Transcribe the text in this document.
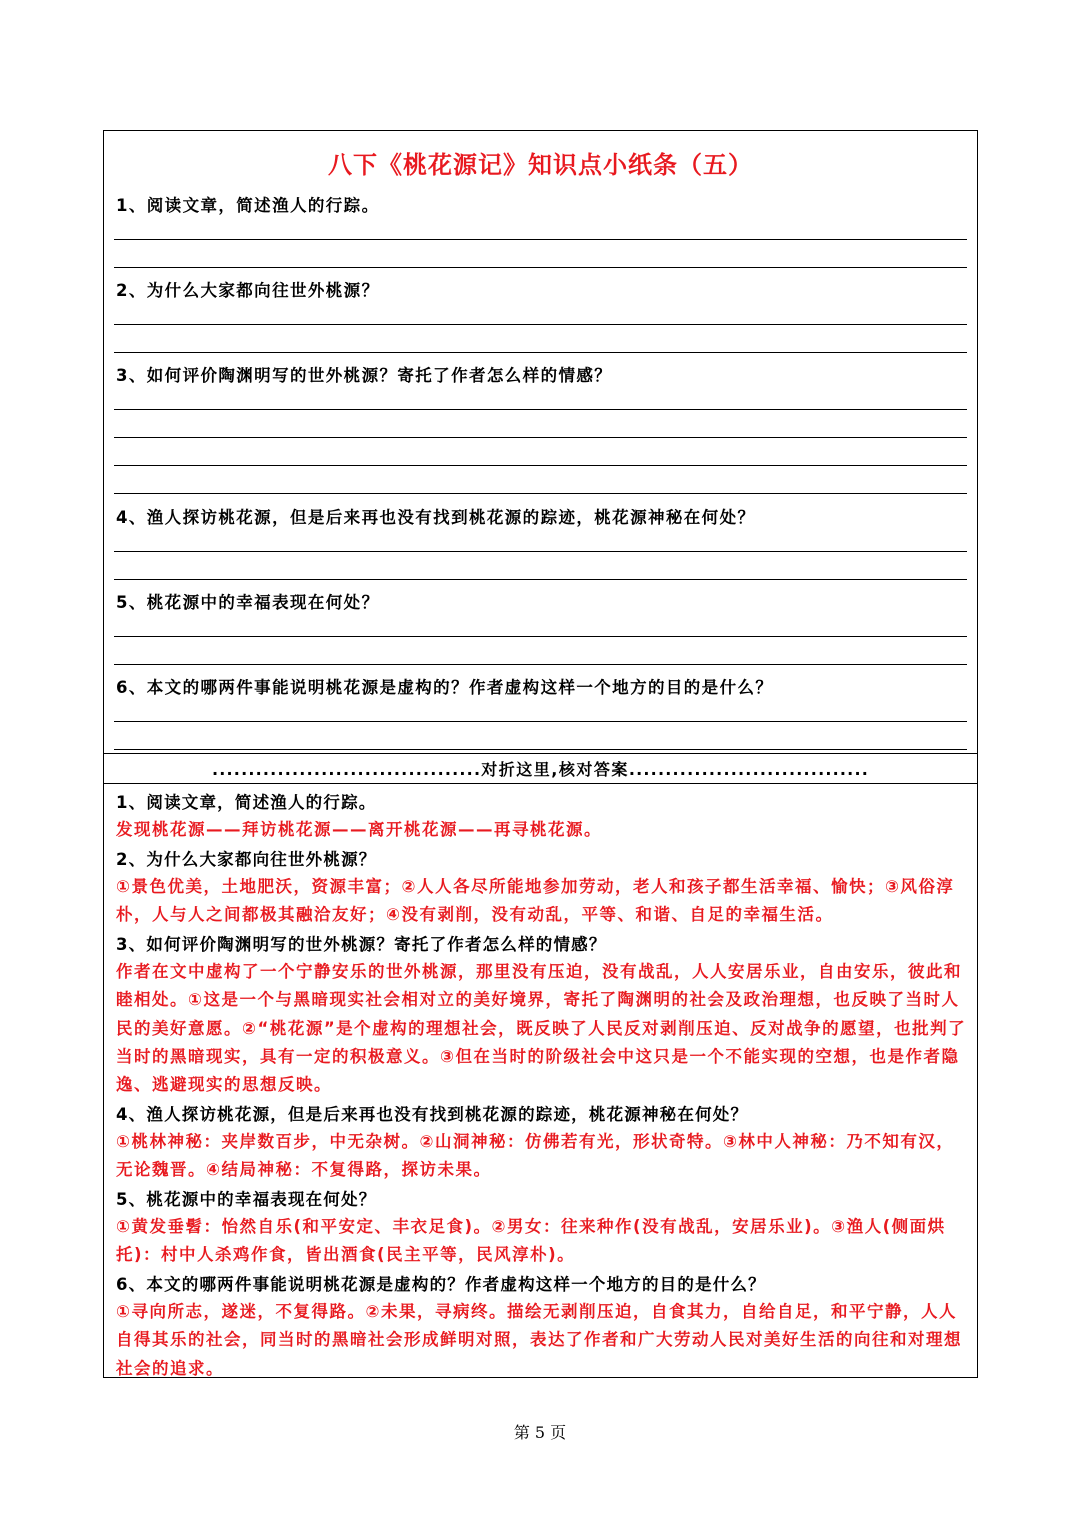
八下《桃花源记》知识点小纸条（五）
1、阅读文章，简述渔人的行踪。
2、为什么大家都向往世外桃源？
3、如何评价陶渊明写的世外桃源？寄托了作者怎么样的情感？
4、渔人探访桃花源，但是后来再也没有找到桃花源的踪迹，桃花源神秘在何处？
5、桃花源中的幸福表现在何处？
6、本文的哪两件事能说明桃花源是虚构的？作者虚构这样一个地方的目的是什么？
.....................................对折这里,核对答案.................................
1、阅读文章，简述渔人的行踪。
发现桃花源——拜访桃花源——离开桃花源——再寻桃花源。
2、为什么大家都向往世外桃源？
①景色优美，土地肥沃，资源丰富；②人人各尽所能地参加劳动，老人和孩子都生活幸福、愉快；③风俗淳朴，人与人之间都极其融洽友好；④没有剥削，没有动乱，平等、和谐、自足的幸福生活。
3、如何评价陶渊明写的世外桃源？寄托了作者怎么样的情感？
作者在文中虚构了一个宁静安乐的世外桃源，那里没有压迫，没有战乱，人人安居乐业，自由安乐，彼此和睦相处。①这是一个与黑暗现实社会相对立的美好境界，寄托了陶渊明的社会及政治理想，也反映了当时人民的美好意愿。②“桃花源”是个虚构的理想社会，既反映了人民反对剥削压迫、反对战争的愿望，也批判了当时的黑暗现实，具有一定的积极意义。③但在当时的阶级社会中这只是一个不能实现的空想，也是作者隐逸、逃避现实的思想反映。
4、渔人探访桃花源，但是后来再也没有找到桃花源的踪迹，桃花源神秘在何处？
①桃林神秘：夹岸数百步，中无杂树。②山洞神秘：仿佛若有光，形状奇特。③林中人神秘：乃不知有汉，无论魏晋。④结局神秘：不复得路，探访未果。
5、桃花源中的幸福表现在何处？
①黄发垂髫：怡然自乐(和平安定、丰衣足食)。②男女：往来种作(没有战乱，安居乐业)。③渔人(侧面烘托)：村中人杀鸡作食，皆出酒食(民主平等，民风淳朴)。
6、本文的哪两件事能说明桃花源是虚构的？作者虚构这样一个地方的目的是什么？
①寻向所志，遂迷，不复得路。②未果，寻病终。描绘无剥削压迫，自食其力，自给自足，和平宁静，人人自得其乐的社会，同当时的黑暗社会形成鲜明对照，表达了作者和广大劳动人民对美好生活的向往和对理想社会的追求。
第 5 页
